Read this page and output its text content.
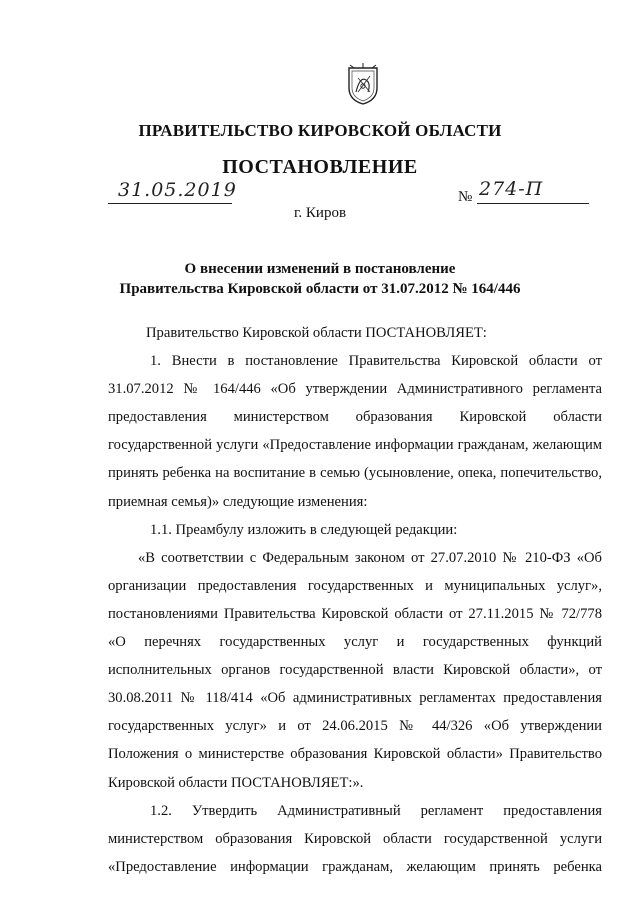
ПРАВИТЕЛЬСТВО КИРОВСКОЙ ОБЛАСТИ
ПОСТАНОВЛЕНИЕ
31.05.2019	№ 274-П
г. Киров
О внесении изменений в постановление
Правительства Кировской области от 31.07.2012 № 164/446

Правительство Кировской области ПОСТАНОВЛЯЕТ:

1. Внести в постановление Правительства Кировской области от 31.07.2012 № 164/446 «Об утверждении Административного регламента предоставления министерством образования Кировской области государственной услуги «Предоставление информации гражданам, желающим принять ребенка на воспитание в семью (усыновление, опека, попечительство, приемная семья)» следующие изменения:

1.1. Преамбулу изложить в следующей редакции:

«В соответствии с Федеральным законом от 27.07.2010 № 210-ФЗ «Об организации предоставления государственных и муниципальных услуг», постановлениями Правительства Кировской области от 27.11.2015 № 72/778 «О перечнях государственных услуг и государственных функций исполнительных органов государственной власти Кировской области», от 30.08.2011 № 118/414 «Об административных регламентах предоставления государственных услуг» и от 24.06.2015 № 44/326 «Об утверждении Положения о министерстве образования Кировской области» Правительство Кировской области ПОСТАНОВЛЯЕТ:».

1.2. Утвердить Административный регламент предоставления министерством образования Кировской области государственной услуги «Предоставление информации гражданам, желающим принять ребенка
